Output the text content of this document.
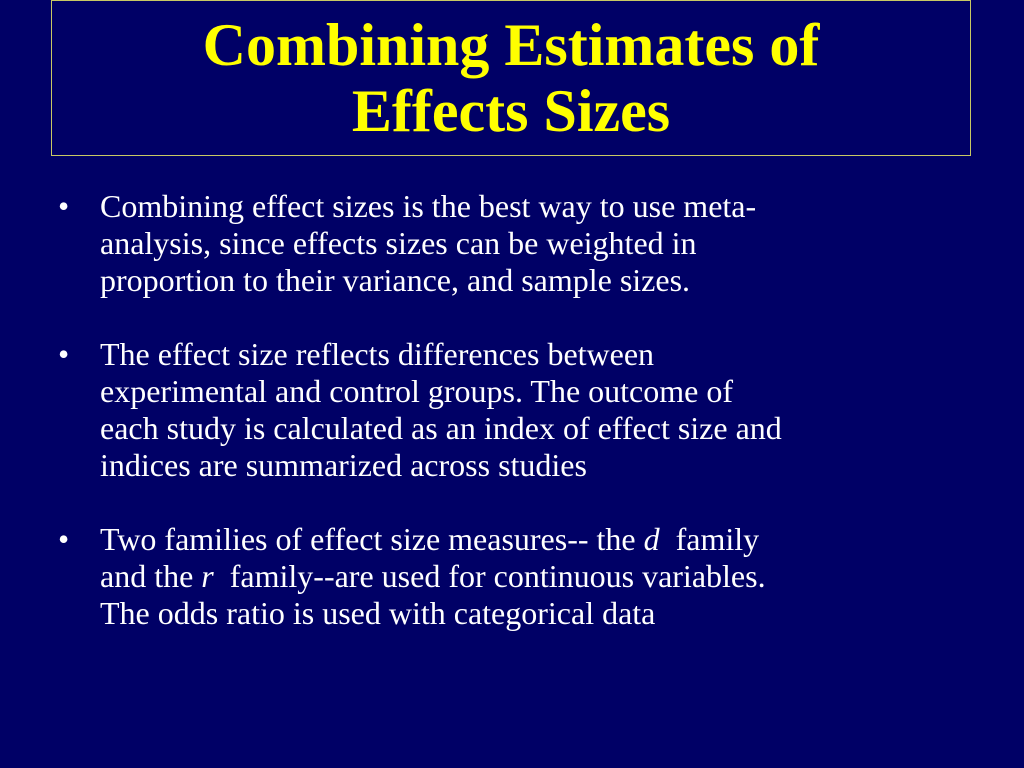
Combining Estimates of
Effects Sizes
• Combining effect sizes is the best way to use meta-
analysis, since effects sizes can be weighted in
proportion to their variance, and sample sizes.
• The effect size reflects differences between
experimental and control groups. The outcome of
each study is calculated as an index of effect size and
indices are summarized across studies
• Two families of effect size measures-- the d  family
and the r  family--are used for continuous variables.
The odds ratio is used with categorical data
